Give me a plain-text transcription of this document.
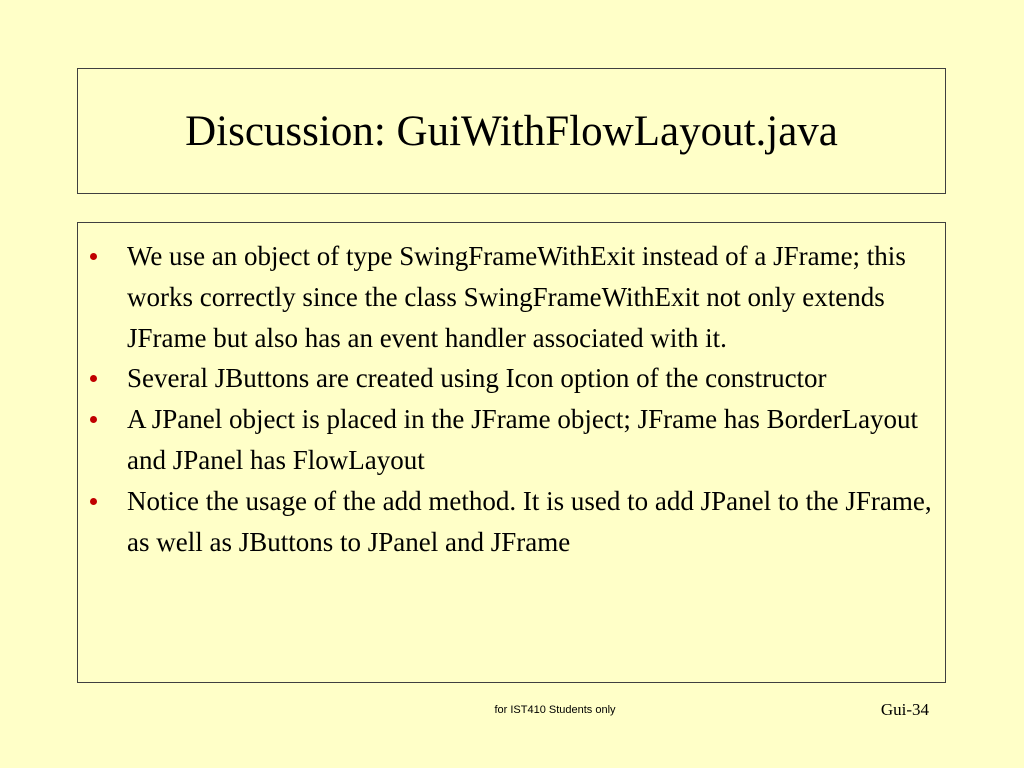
Discussion: GuiWithFlowLayout.java
We use an object of type SwingFrameWithExit instead of a JFrame; this works correctly since the class SwingFrameWithExit not only extends JFrame but also has an event handler associated with it.
Several JButtons are created using Icon option of the constructor
A JPanel object is placed in the JFrame object; JFrame has BorderLayout and JPanel has FlowLayout
Notice the usage of the add method. It is used to add JPanel to the JFrame, as well as JButtons to JPanel and JFrame
for IST410 Students only	Gui-34
